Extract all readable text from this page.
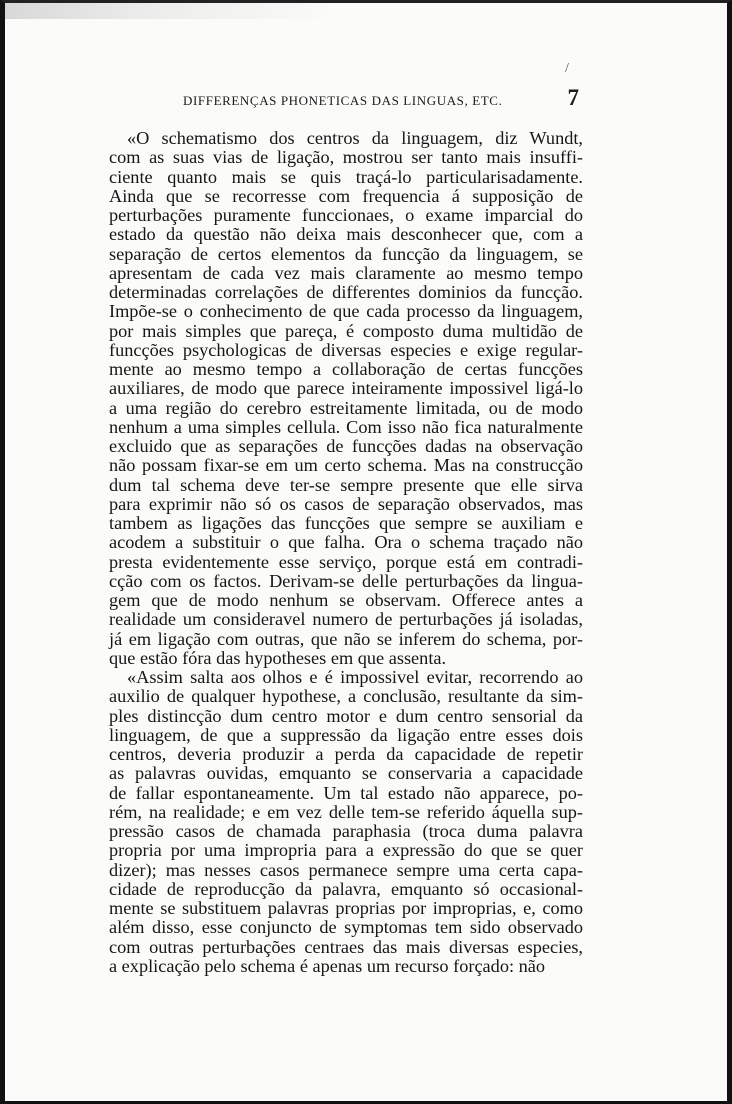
/
DIFFERENÇAS PHONETICAS DAS LINGUAS, ETC.	7
«O schematismo dos centros da linguagem, diz Wundt,
com as suas vias de ligação, mostrou ser tanto mais insuffi-
ciente quanto mais se quis traçá-lo particularisadamente.
Ainda que se recorresse com frequencia á supposição de
perturbações puramente funccionaes, o exame imparcial do
estado da questão não deixa mais desconhecer que, com a
separação de certos elementos da funcção da linguagem, se
apresentam de cada vez mais claramente ao mesmo tempo
determinadas correlações de differentes dominios da funcção.
Impõe-se o conhecimento de que cada processo da linguagem,
por mais simples que pareça, é composto duma multidão de
funcções psychologicas de diversas especies e exige regular-
mente ao mesmo tempo a collaboração de certas funcções
auxiliares, de modo que parece inteiramente impossivel ligá-lo
a uma região do cerebro estreitamente limitada, ou de modo
nenhum a uma simples cellula. Com isso não fica naturalmente
excluido que as separações de funcções dadas na observação
não possam fixar-se em um certo schema. Mas na construcção
dum tal schema deve ter-se sempre presente que elle sirva
para exprimir não só os casos de separação observados, mas
tambem as ligações das funcções que sempre se auxiliam e
acodem a substituir o que falha. Ora o schema traçado não
presta evidentemente esse serviço, porque está em contradi-
cção com os factos. Derivam-se delle perturbações da lingua-
gem que de modo nenhum se observam. Offerece antes a
realidade um consideravel numero de perturbações já isoladas,
já em ligação com outras, que não se inferem do schema, por-
que estão fóra das hypotheses em que assenta.
«Assim salta aos olhos e é impossivel evitar, recorrendo ao
auxilio de qualquer hypothese, a conclusão, resultante da sim-
ples distincção dum centro motor e dum centro sensorial da
linguagem, de que a suppressão da ligação entre esses dois
centros, deveria produzir a perda da capacidade de repetir
as palavras ouvidas, emquanto se conservaria a capacidade
de fallar espontaneamente. Um tal estado não apparece, po-
rém, na realidade; e em vez delle tem-se referido áquella sup-
pressão casos de chamada paraphasia (troca duma palavra
propria por uma impropria para a expressão do que se quer
dizer); mas nesses casos permanece sempre uma certa capa-
cidade de reproducção da palavra, emquanto só occasional-
mente se substituem palavras proprias por improprias, e, como
além disso, esse conjuncto de symptomas tem sido observado
com outras perturbações centraes das mais diversas especies,
a explicação pelo schema é apenas um recurso forçado: não
